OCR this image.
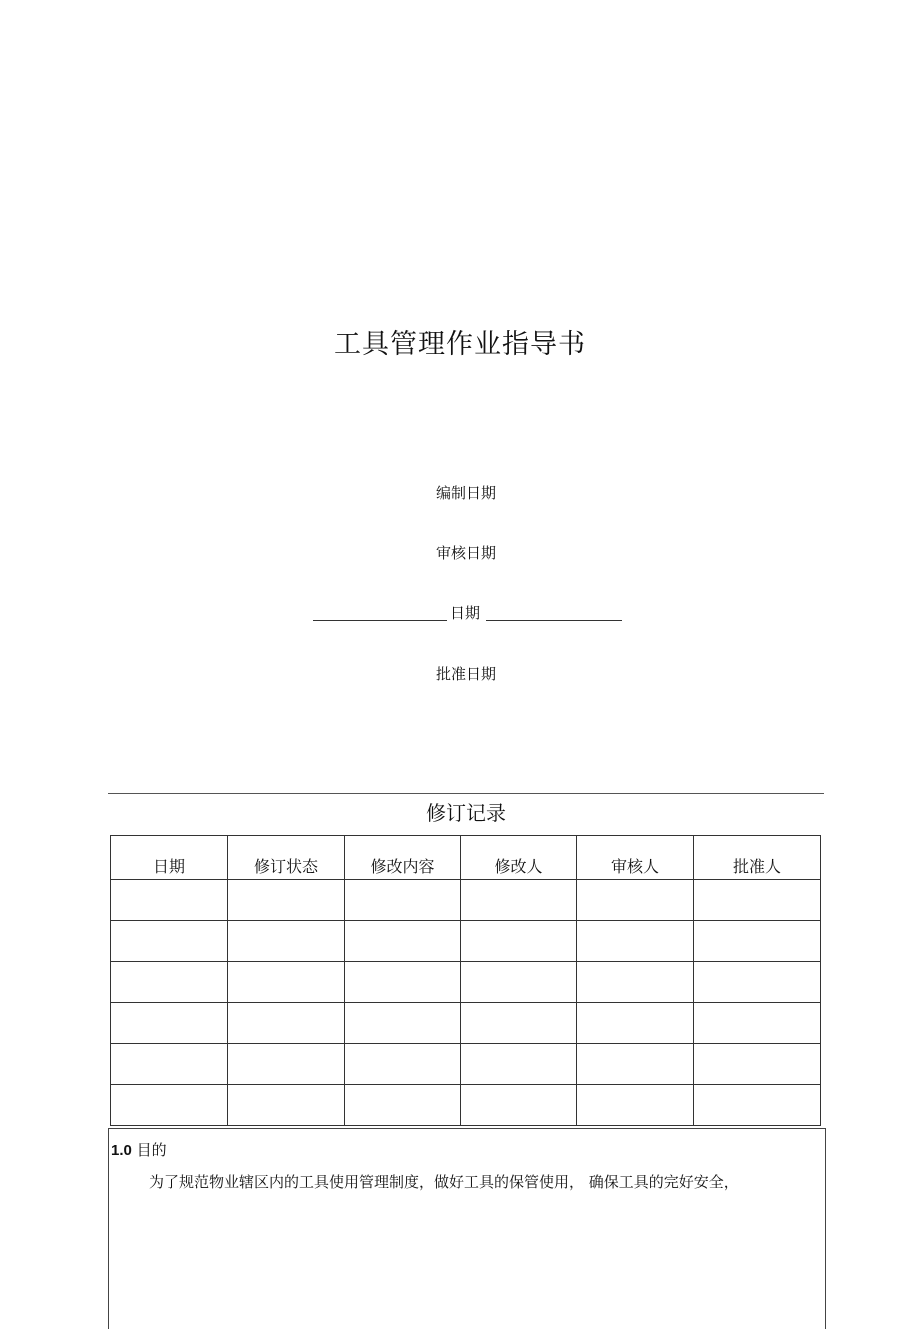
工具管理作业指导书
编制日期
审核日期
日期
批准日期
修订记录
日期	修订状态	修改内容	修改人	审核人	批准人

1.0 目的
为了规范物业辖区内的工具使用管理制度，做好工具的保管使用， 确保工具的完好安全，
